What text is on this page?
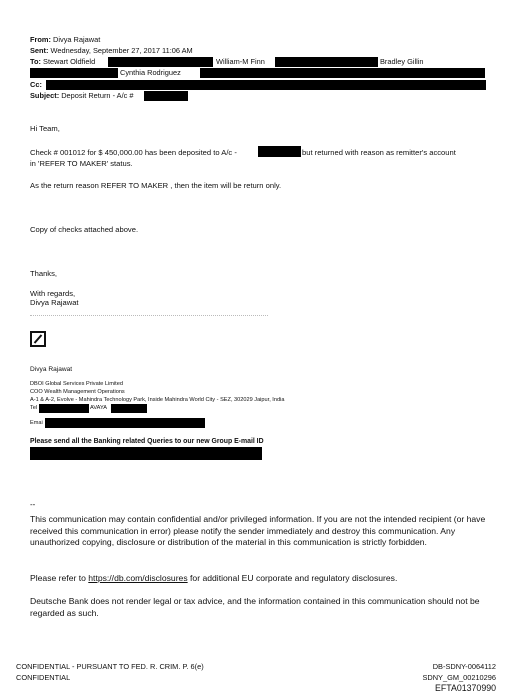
From: Divya Rajawat
Sent: Wednesday, September 27, 2017 11:06 AM
To: Stewart Oldfield	William-M Finn	Bradley Gillin
Cynthia Rodriguez
Cc:
Subject: Deposit Return - A/c #
Hi Team,
Check # 001012 for $ 450,000.00 has been deposited to A/c -	but returned with reason as remitter's account
in 'REFER TO MAKER' status.
As the return reason REFER TO MAKER , then the item will be return only.
Copy of checks attached above.
Thanks,
With regards,
Divya Rajawat
Divya Rajawat
DBOI Global Services Private Limited
COO Wealth Management Operations
A-1 & A-2, Evolve - Mahindra Technology Park, Inside Mahindra World City - SEZ, 302029 Jaipur, India
Tel	AVAYA
Emai
Please send all the Banking related Queries to our new Group E-mail ID
--
This communication may contain confidential and/or privileged information. If you are not the intended recipient (or have received this communication in error) please notify the sender immediately and destroy this communication. Any unauthorized copying, disclosure or distribution of the material in this communication is strictly forbidden.
Please refer to https://db.com/disclosures for additional EU corporate and regulatory disclosures.
Deutsche Bank does not render legal or tax advice, and the information contained in this communication should not be regarded as such.
CONFIDENTIAL - PURSUANT TO FED. R. CRIM. P. 6(e)
CONFIDENTIAL
DB-SDNY-0064112
SDNY_GM_00210296
EFTA01370990
